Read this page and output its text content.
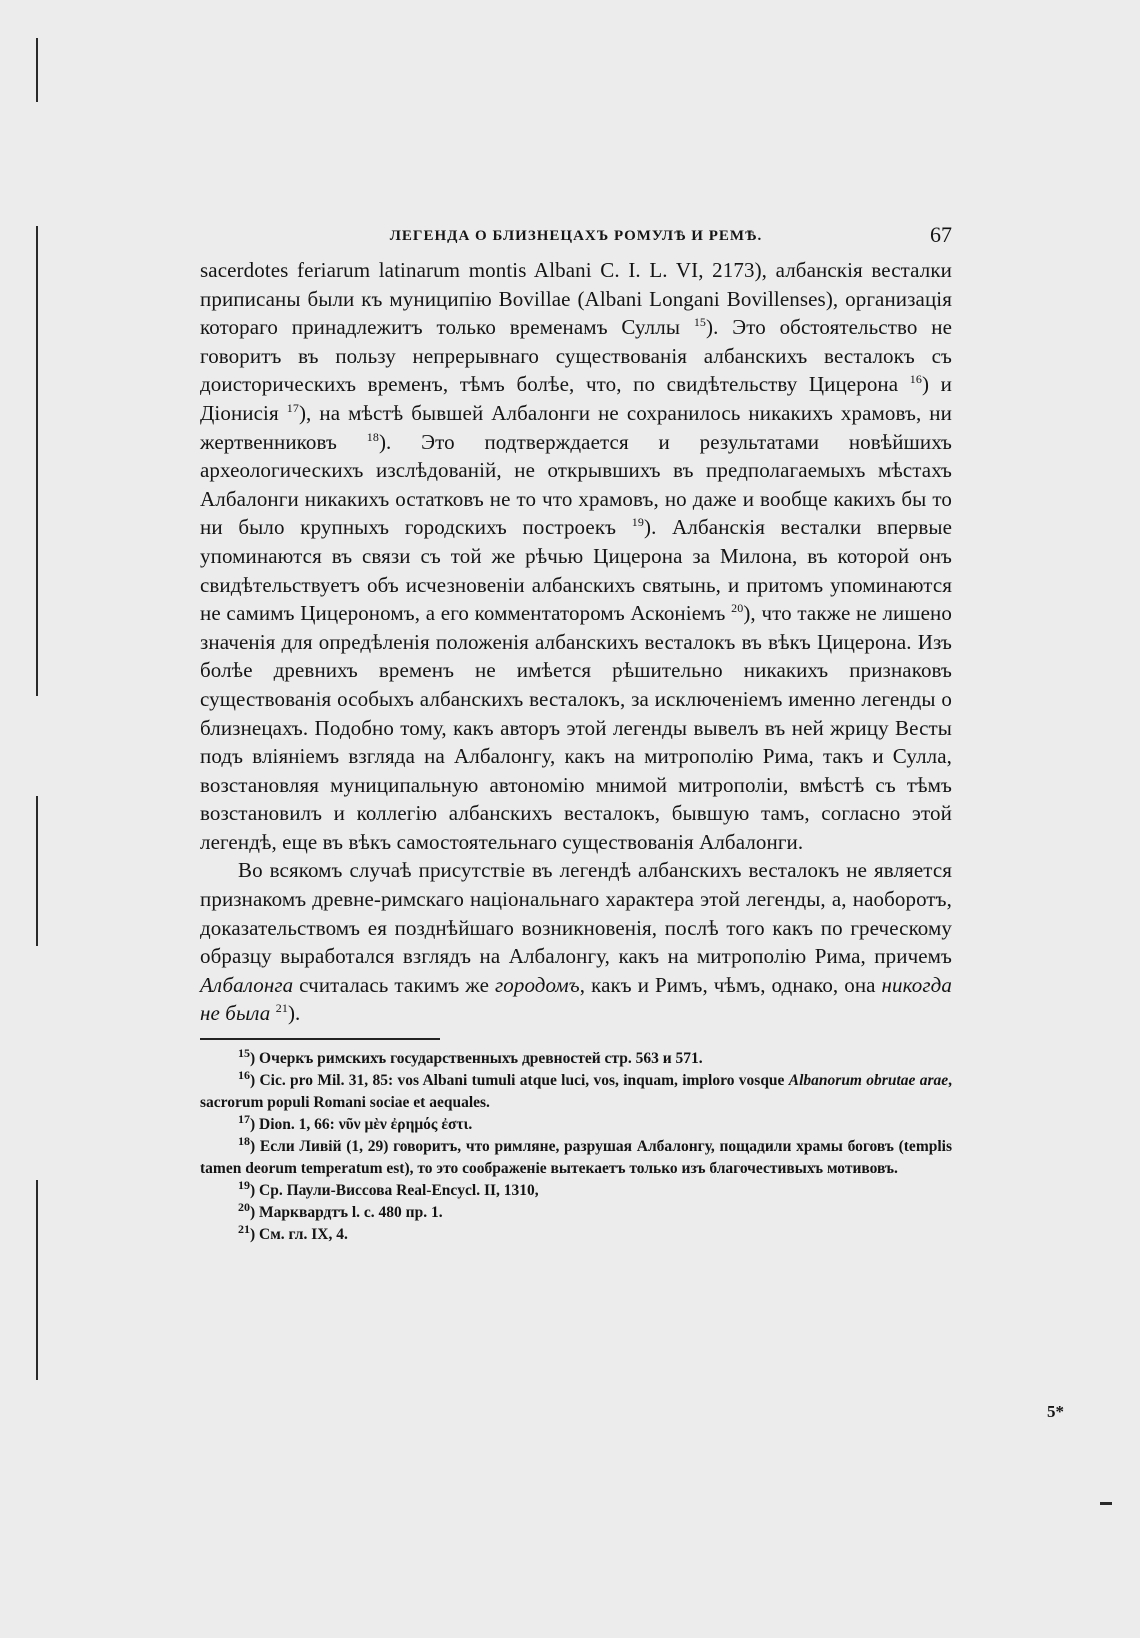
ЛЕГЕНДА О БЛИЗНЕЦАХЪ РОМУЛѢ И РЕМѢ.	67

sacerdotes feriarum latinarum montis Albani C. I. L. VI, 2173), албанскія весталки приписаны были къ муниципію Bovillae (Albani Longani Bovillenses), организація котораго принадлежитъ только временамъ Суллы $^{15}$). Это обстоятельство не говоритъ въ пользу непрерывнаго существованія албанскихъ весталокъ съ доисторическихъ временъ, тѣмъ болѣе, что, по свидѣтельству Цицерона $^{16}$) и Діонисія $^{17}$), на мѣстѣ бывшей Албалонги не сохранилось никакихъ храмовъ, ни жертвенниковъ $^{18}$). Это подтверждается и результатами новѣйшихъ археологическихъ изслѣдованій, не открывшихъ въ предполагаемыхъ мѣстахъ Албалонги никакихъ остатковъ не то что храмовъ, но даже и вообще какихъ бы то ни было крупныхъ городскихъ построекъ $^{19}$). Албанскія весталки впервые упоминаются въ связи съ той же рѣчью Цицерона за Милона, въ которой онъ свидѣтельствуетъ объ исчезновеніи албанскихъ святынь, и притомъ упоминаются не самимъ Цицерономъ, а его комментаторомъ Асконіемъ $^{20}$), что также не лишено значенія для опредѣленія положенія албанскихъ весталокъ въ вѣкъ Цицерона. Изъ болѣе древнихъ временъ не имѣется рѣшительно никакихъ признаковъ существованія особыхъ албанскихъ весталокъ, за исключеніемъ именно легенды о близнецахъ. Подобно тому, какъ авторъ этой легенды вывелъ въ ней жрицу Весты подъ вліяніемъ взгляда на Албалонгу, какъ на митрополію Рима, такъ и Сулла, возстановляя муниципальную автономію мнимой митрополіи, вмѣстѣ съ тѣмъ возстановилъ и коллегію албанскихъ весталокъ, бывшую тамъ, согласно этой легендѣ, еще въ вѣкъ самостоятельнаго существованія Албалонги.

Во всякомъ случаѣ присутствіе въ легендѣ албанскихъ весталокъ не является признакомъ древне-римскаго національнаго характера этой легенды, а, наоборотъ, доказательствомъ ея позднѣйшаго возникновенія, послѣ того какъ по греческому образцу выработался взглядъ на Албалонгу, какъ на митрополію Рима, причемъ Албалонга считалась такимъ же городомъ, какъ и Римъ, чѣмъ, однако, она никогда не была $^{21}$).

$^{15}$) Очеркъ римскихъ государственныхъ древностей стр. 563 и 571.

$^{16}$) Cic. pro Mil. 31, 85: vos Albani tumuli atque luci, vos, inquam, imploro vosque Albanorum obrutae arae, sacrorum populi Romani sociae et aequales.

$^{17}$) Dion. 1, 66: νῦν μὲν ἐρημός ἐστι.

$^{18}$) Если Ливій (1, 29) говоритъ, что римляне, разрушая Албалонгу, пощадили храмы боговъ (templis tamen deorum temperatum est), то это соображеніе вытекаетъ только изъ благочестивыхъ мотивовъ.

$^{19}$) Ср. Паули-Виссова Real-Encycl. II, 1310,

$^{20}$) Марквардтъ l. c. 480 пр. 1.

$^{21}$) См. гл. IX, 4.

5*
